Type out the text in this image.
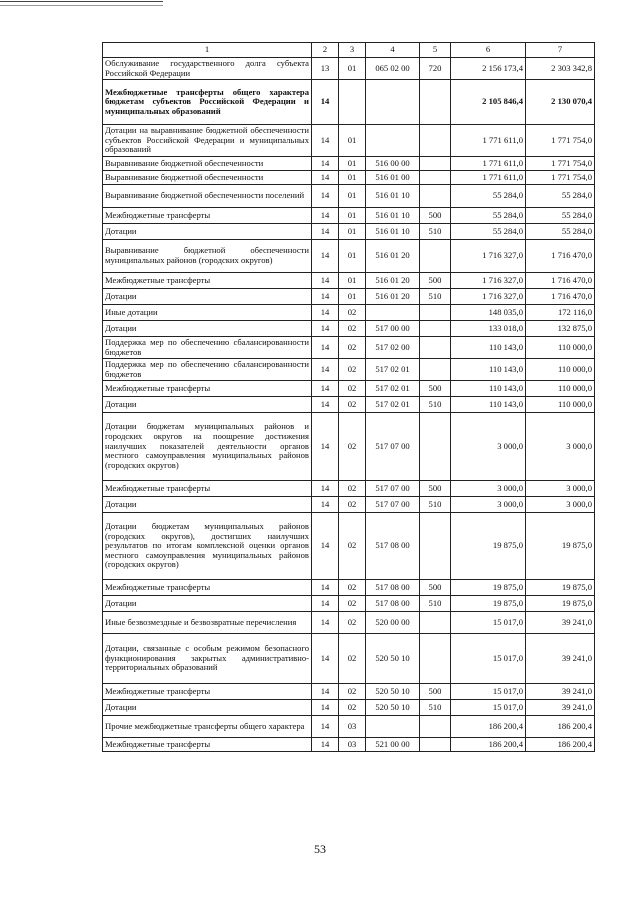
1	2	3	4	5	6	7
Обслуживание государственного долга субъекта Российской Федерации	13	01	065 02 00	720	2 156 173,4	2 303 342,8
Межбюджетные трансферты общего характера бюджетам субъектов Российской Федерации и муниципальных образований	14				2 105 846,4	2 130 070,4
Дотации на выравнивание бюджетной обеспеченности субъектов Российской Федерации и муниципальных образований	14	01			1 771 611,0	1 771 754,0
Выравнивание бюджетной обеспеченности	14	01	516 00 00		1 771 611,0	1 771 754,0
Выравнивание бюджетной обеспеченности	14	01	516 01 00		1 771 611,0	1 771 754,0
Выравнивание бюджетной обеспеченности поселений	14	01	516 01 10		55 284,0	55 284,0
Межбюджетные трансферты	14	01	516 01 10	500	55 284,0	55 284,0
Дотации	14	01	516 01 10	510	55 284,0	55 284,0
Выравнивание бюджетной обеспеченности муниципальных районов (городских округов)	14	01	516 01 20		1 716 327,0	1 716 470,0
Межбюджетные трансферты	14	01	516 01 20	500	1 716 327,0	1 716 470,0
Дотации	14	01	516 01 20	510	1 716 327,0	1 716 470,0
Иные дотации	14	02			148 035,0	172 116,0
Дотации	14	02	517 00 00		133 018,0	132 875,0
Поддержка мер по обеспечению сбалансированности бюджетов	14	02	517 02 00		110 143,0	110 000,0
Поддержка мер по обеспечению сбалансированности бюджетов	14	02	517 02 01		110 143,0	110 000,0
Межбюджетные трансферты	14	02	517 02 01	500	110 143,0	110 000,0
Дотации	14	02	517 02 01	510	110 143,0	110 000,0
Дотации бюджетам муниципальных районов и городских округов на поощрение достижения наилучших показателей деятельности органов местного самоуправления муниципальных районов (городских округов)	14	02	517 07 00		3 000,0	3 000,0
Межбюджетные трансферты	14	02	517 07 00	500	3 000,0	3 000,0
Дотации	14	02	517 07 00	510	3 000,0	3 000,0
Дотации бюджетам муниципальных районов (городских округов), достигших наилучших результатов по итогам комплексной оценки органов местного самоуправления муниципальных районов (городских округов)	14	02	517 08 00		19 875,0	19 875,0
Межбюджетные трансферты	14	02	517 08 00	500	19 875,0	19 875,0
Дотации	14	02	517 08 00	510	19 875,0	19 875,0
Иные безвозмездные и безвозвратные перечисления	14	02	520 00 00		15 017,0	39 241,0
Дотации, связанные с особым режимом безопасного функционирования закрытых административно-территориальных образований	14	02	520 50 10		15 017,0	39 241,0
Межбюджетные трансферты	14	02	520 50 10	500	15 017,0	39 241,0
Дотации	14	02	520 50 10	510	15 017,0	39 241,0
Прочие межбюджетные трансферты общего характера	14	03			186 200,4	186 200,4
Межбюджетные трансферты	14	03	521 00 00		186 200,4	186 200,4
53
